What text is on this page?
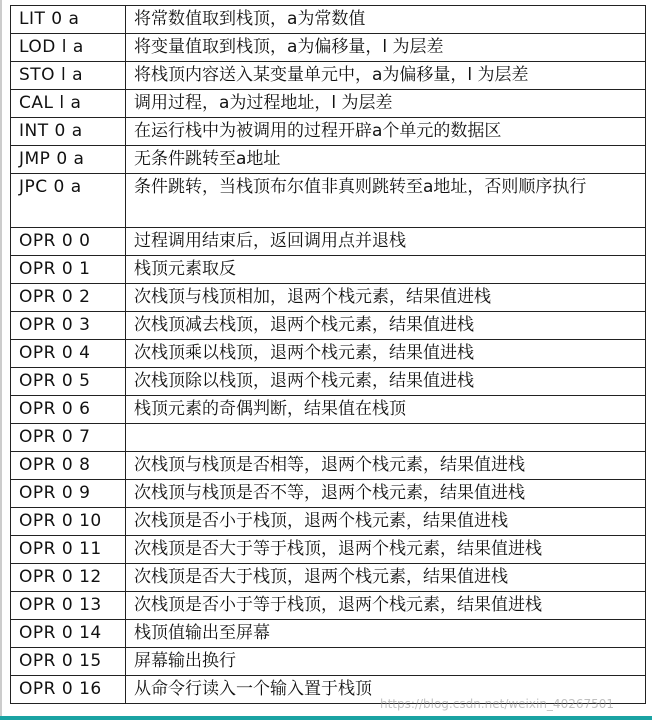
LIT 0 a	将常数值取到栈顶，a为常数值
LOD l a	将变量值取到栈顶，a为偏移量，l 为层差
STO l a	将栈顶内容送入某变量单元中，a为偏移量，l 为层差
CAL l a	调用过程，a为过程地址，l 为层差
INT 0 a	在运行栈中为被调用的过程开辟a个单元的数据区
JMP 0 a	无条件跳转至a地址
JPC 0 a	条件跳转，当栈顶布尔值非真则跳转至a地址，否则顺序执行
OPR 0 0	过程调用结束后，返回调用点并退栈
OPR 0 1	栈顶元素取反
OPR 0 2	次栈顶与栈顶相加，退两个栈元素，结果值进栈
OPR 0 3	次栈顶减去栈顶，退两个栈元素，结果值进栈
OPR 0 4	次栈顶乘以栈顶，退两个栈元素，结果值进栈
OPR 0 5	次栈顶除以栈顶，退两个栈元素，结果值进栈
OPR 0 6	栈顶元素的奇偶判断，结果值在栈顶
OPR 0 7	
OPR 0 8	次栈顶与栈顶是否相等，退两个栈元素，结果值进栈
OPR 0 9	次栈顶与栈顶是否不等，退两个栈元素，结果值进栈
OPR 0 10	次栈顶是否小于栈顶，退两个栈元素，结果值进栈
OPR 0 11	次栈顶是否大于等于栈顶，退两个栈元素，结果值进栈
OPR 0 12	次栈顶是否大于栈顶，退两个栈元素，结果值进栈
OPR 0 13	次栈顶是否小于等于栈顶，退两个栈元素，结果值进栈
OPR 0 14	栈顶值输出至屏幕
OPR 0 15	屏幕输出换行
OPR 0 16	从命令行读入一个输入置于栈顶
https://blog.csdn.net/weixin_40267501
